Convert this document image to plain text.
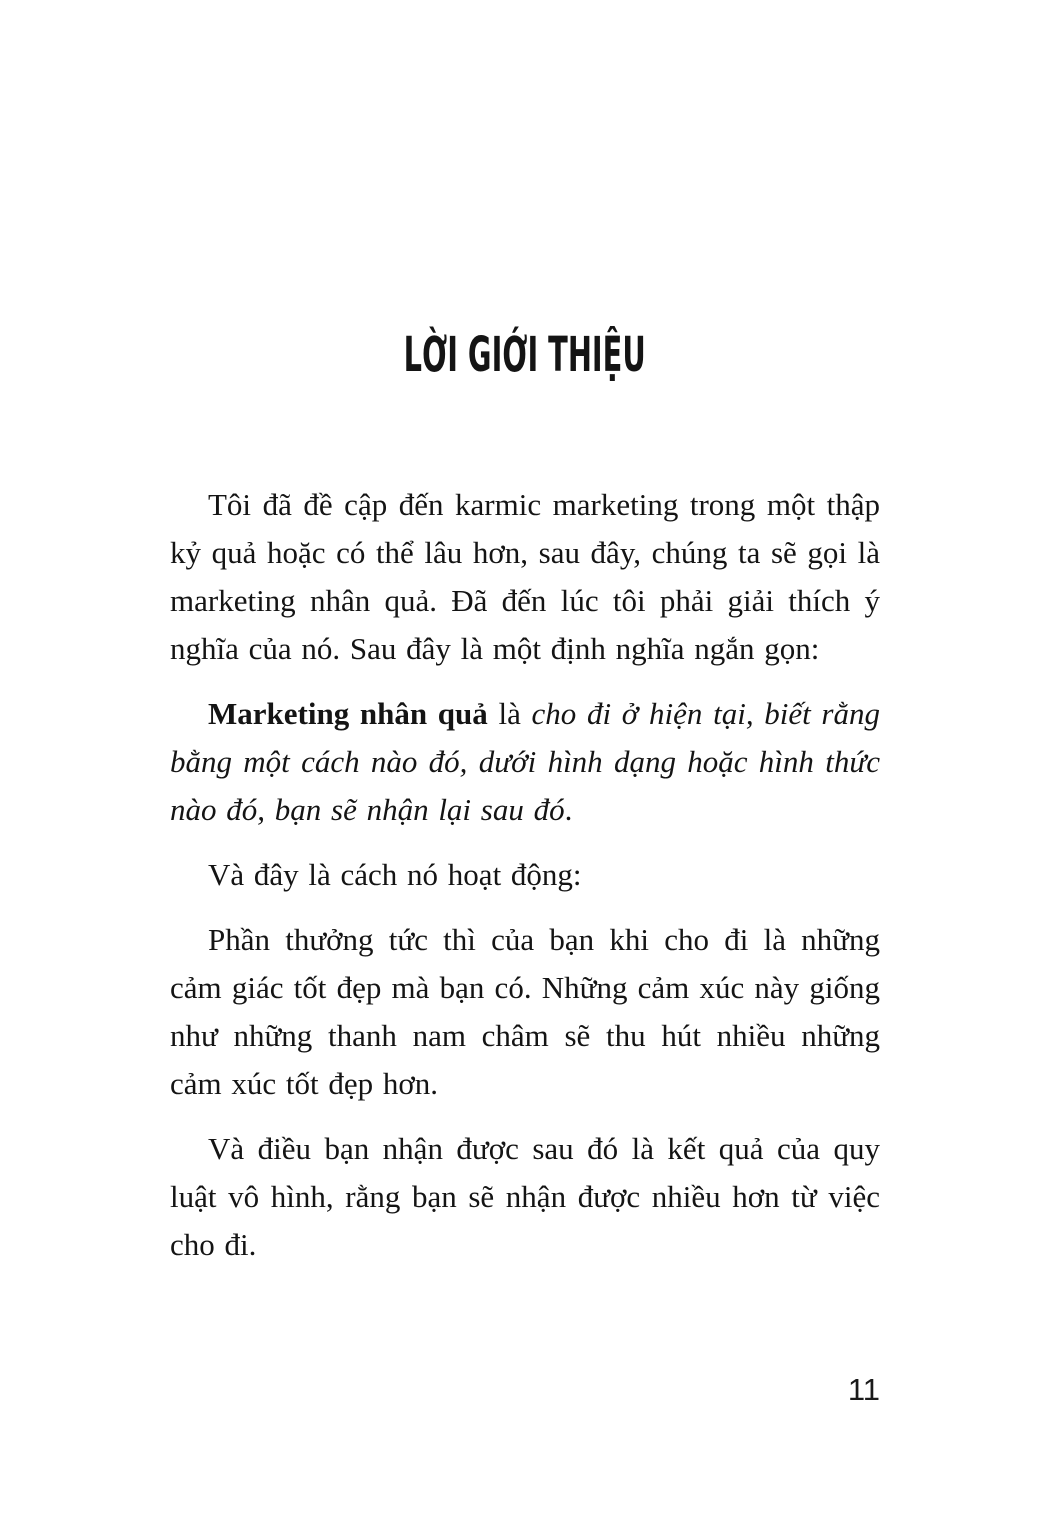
LỜI GIỚI THIỆU

Tôi đã đề cập đến karmic marketing trong một thập kỷ quả hoặc có thể lâu hơn, sau đây, chúng ta sẽ gọi là marketing nhân quả. Đã đến lúc tôi phải giải thích ý nghĩa của nó. Sau đây là một định nghĩa ngắn gọn:

Marketing nhân quả là cho đi ở hiện tại, biết rằng bằng một cách nào đó, dưới hình dạng hoặc hình thức nào đó, bạn sẽ nhận lại sau đó.

Và đây là cách nó hoạt động:

Phần thưởng tức thì của bạn khi cho đi là những cảm giác tốt đẹp mà bạn có. Những cảm xúc này giống như những thanh nam châm sẽ thu hút nhiều những cảm xúc tốt đẹp hơn.

Và điều bạn nhận được sau đó là kết quả của quy luật vô hình, rằng bạn sẽ nhận được nhiều hơn từ việc cho đi.

11
